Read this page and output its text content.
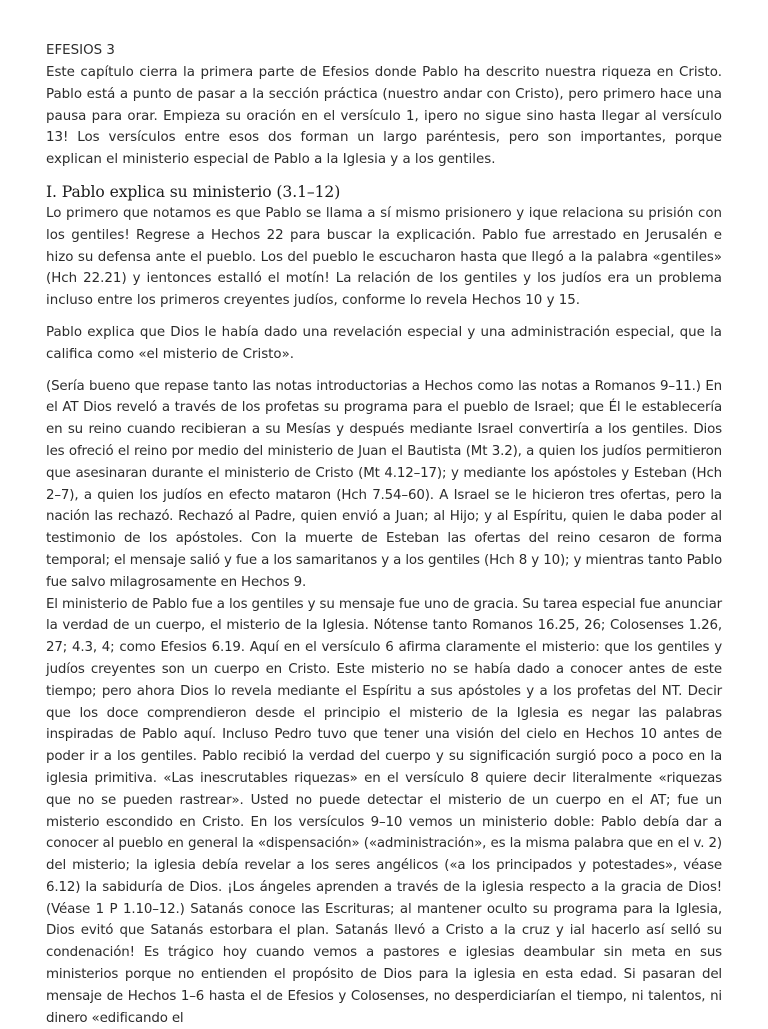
EFESIOS 3

Este capítulo cierra la primera parte de Efesios donde Pablo ha descrito nuestra riqueza en Cristo. Pablo está a punto de pasar a la sección práctica (nuestro andar con Cristo), pero primero hace una pausa para orar. Empieza su oración en el versículo 1, ipero no sigue sino hasta llegar al versículo 13! Los versículos entre esos dos forman un largo paréntesis, pero son importantes, porque explican el ministerio especial de Pablo a la Iglesia y a los gentiles.

I. Pablo explica su ministerio (3.1–12)

Lo primero que notamos es que Pablo se llama a sí mismo prisionero y ique relaciona su prisión con los gentiles! Regrese a Hechos 22 para buscar la explicación. Pablo fue arrestado en Jerusalén e hizo su defensa ante el pueblo. Los del pueblo le escucharon hasta que llegó a la palabra «gentiles» (Hch 22.21) y ientonces estalló el motín! La relación de los gentiles y los judíos era un problema incluso entre los primeros creyentes judíos, conforme lo revela Hechos 10 y 15.

Pablo explica que Dios le había dado una revelación especial y una administración especial, que la califica como «el misterio de Cristo».

(Sería bueno que repase tanto las notas introductorias a Hechos como las notas a Romanos 9–11.) En el AT Dios reveló a través de los profetas su programa para el pueblo de Israel; que Él le establecería en su reino cuando recibieran a su Mesías y después mediante Israel convertiría a los gentiles. Dios les ofreció el reino por medio del ministerio de Juan el Bautista (Mt 3.2), a quien los judíos permitieron que asesinaran durante el ministerio de Cristo (Mt 4.12–17); y mediante los apóstoles y Esteban (Hch 2–7), a quien los judíos en efecto mataron (Hch 7.54–60). A Israel se le hicieron tres ofertas, pero la nación las rechazó. Rechazó al Padre, quien envió a Juan; al Hijo; y al Espíritu, quien le daba poder al testimonio de los apóstoles. Con la muerte de Esteban las ofertas del reino cesaron de forma temporal; el mensaje salió y fue a los samaritanos y a los gentiles (Hch 8 y 10); y mientras tanto Pablo fue salvo milagrosamente en Hechos 9.

El ministerio de Pablo fue a los gentiles y su mensaje fue uno de gracia. Su tarea especial fue anunciar la verdad de un cuerpo, el misterio de la Iglesia. Nótense tanto Romanos 16.25, 26; Colosenses 1.26, 27; 4.3, 4; como Efesios 6.19. Aquí en el versículo 6 afirma claramente el misterio: que los gentiles y judíos creyentes son un cuerpo en Cristo. Este misterio no se había dado a conocer antes de este tiempo; pero ahora Dios lo revela mediante el Espíritu a sus apóstoles y a los profetas del NT. Decir que los doce comprendieron desde el principio el misterio de la Iglesia es negar las palabras inspiradas de Pablo aquí. Incluso Pedro tuvo que tener una visión del cielo en Hechos 10 antes de poder ir a los gentiles. Pablo recibió la verdad del cuerpo y su significación surgió poco a poco en la iglesia primitiva. «Las inescrutables riquezas» en el versículo 8 quiere decir literalmente «riquezas que no se pueden rastrear». Usted no puede detectar el misterio de un cuerpo en el AT; fue un misterio escondido en Cristo. En los versículos 9–10 vemos un ministerio doble: Pablo debía dar a conocer al pueblo en general la «dispensación» («administración», es la misma palabra que en el v. 2) del misterio; la iglesia debía revelar a los seres angélicos («a los principados y potestades», véase 6.12) la sabiduría de Dios. ¡Los ángeles aprenden a través de la iglesia respecto a la gracia de Dios! (Véase 1 P 1.10–12.) Satanás conoce las Escrituras; al mantener oculto su programa para la Iglesia, Dios evitó que Satanás estorbara el plan. Satanás llevó a Cristo a la cruz y ial hacerlo así selló su condenación! Es trágico hoy cuando vemos a pastores e iglesias deambular sin meta en sus ministerios porque no entienden el propósito de Dios para la iglesia en esta edad. Si pasaran del mensaje de Hechos 1–6 hasta el de Efesios y Colosenses, no desperdiciarían el tiempo, ni talentos, ni dinero «edificando el
